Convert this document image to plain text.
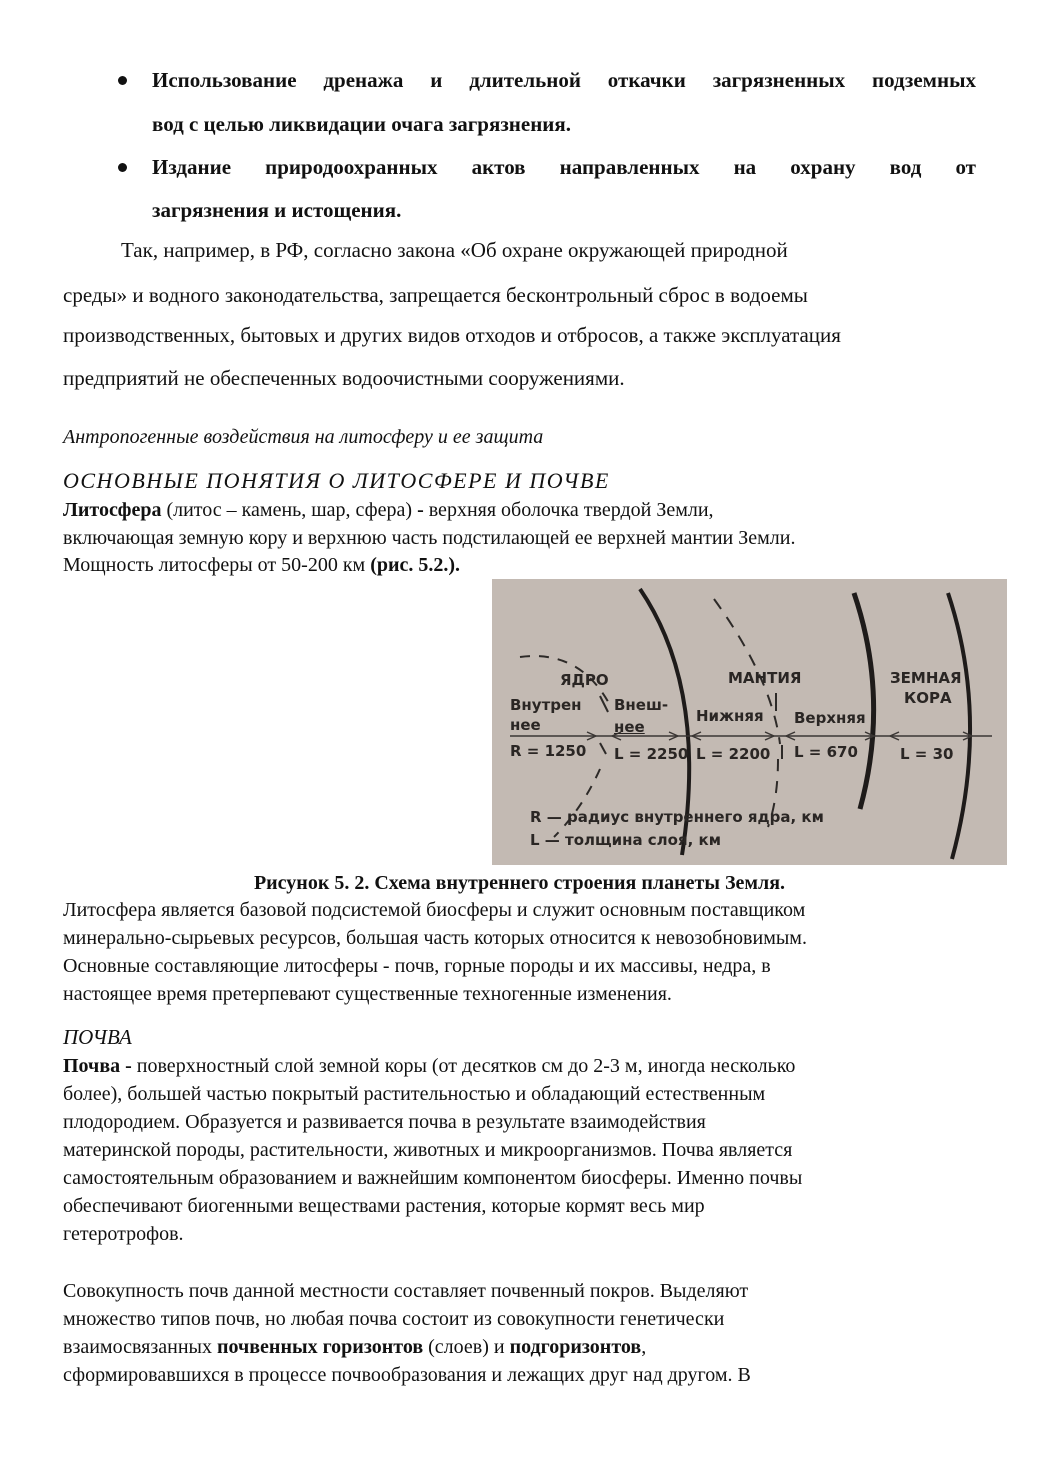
Использование дренажа и длительной откачки загрязненных подземных
вод с целью ликвидации очага загрязнения.
Издание природоохранных актов направленных на охрану вод от
загрязнения и истощения.
Так, например, в РФ, согласно закона «Об охране окружающей природной
среды» и водного законодательства, запрещается бесконтрольный сброс в водоемы
производственных, бытовых и других видов отходов и отбросов, а также эксплуатация
предприятий не обеспеченных водоочистными сооружениями.
Антропогенные воздействия на литосферу и ее защита
ОСНОВНЫЕ ПОНЯТИЯ О ЛИТОСФЕРЕ И ПОЧВЕ
Литосфера (литос – камень, шар, сфера) - верхняя оболочка твердой Земли,
включающая земную кору и верхнюю часть подстилающей ее верхней мантии Земли.
Мощность литосферы от 50-200 км (рис. 5.2.).
ЯДРО	МАНТИЯ	ЗЕМНАЯ
КОРА
Внутрен
нее
Внеш-
нее
Нижняя Верхняя
R = 1250 L = 2250 L = 2200 L = 670	L = 30
R — радиус внутреннего ядра, км
L — толщина слоя, км
Рисунок 5. 2. Схема внутреннего строения планеты Земля.
Литосфера является базовой подсистемой биосферы и служит основным поставщиком
минерально-сырьевых ресурсов, большая часть которых относится к невозобновимым.
Основные составляющие литосферы - почв, горные породы и их массивы, недра, в
настоящее время претерпевают существенные техногенные изменения.
ПОЧВА
Почва - поверхностный слой земной коры (от десятков см до 2-3 м, иногда несколько
более), большей частью покрытый растительностью и обладающий естественным
плодородием. Образуется и развивается почва в результате взаимодействия
материнской породы, растительности, животных и микроорганизмов. Почва является
самостоятельным образованием и важнейшим компонентом биосферы. Именно почвы
обеспечивают биогенными веществами растения, которые кормят весь мир
гетеротрофов.
Совокупность почв данной местности составляет почвенный покров. Выделяют
множество типов почв, но любая почва состоит из совокупности генетически
взаимосвязанных почвенных горизонтов (слоев) и подгоризонтов,
сформировавшихся в процессе почвообразования и лежащих друг над другом. В
